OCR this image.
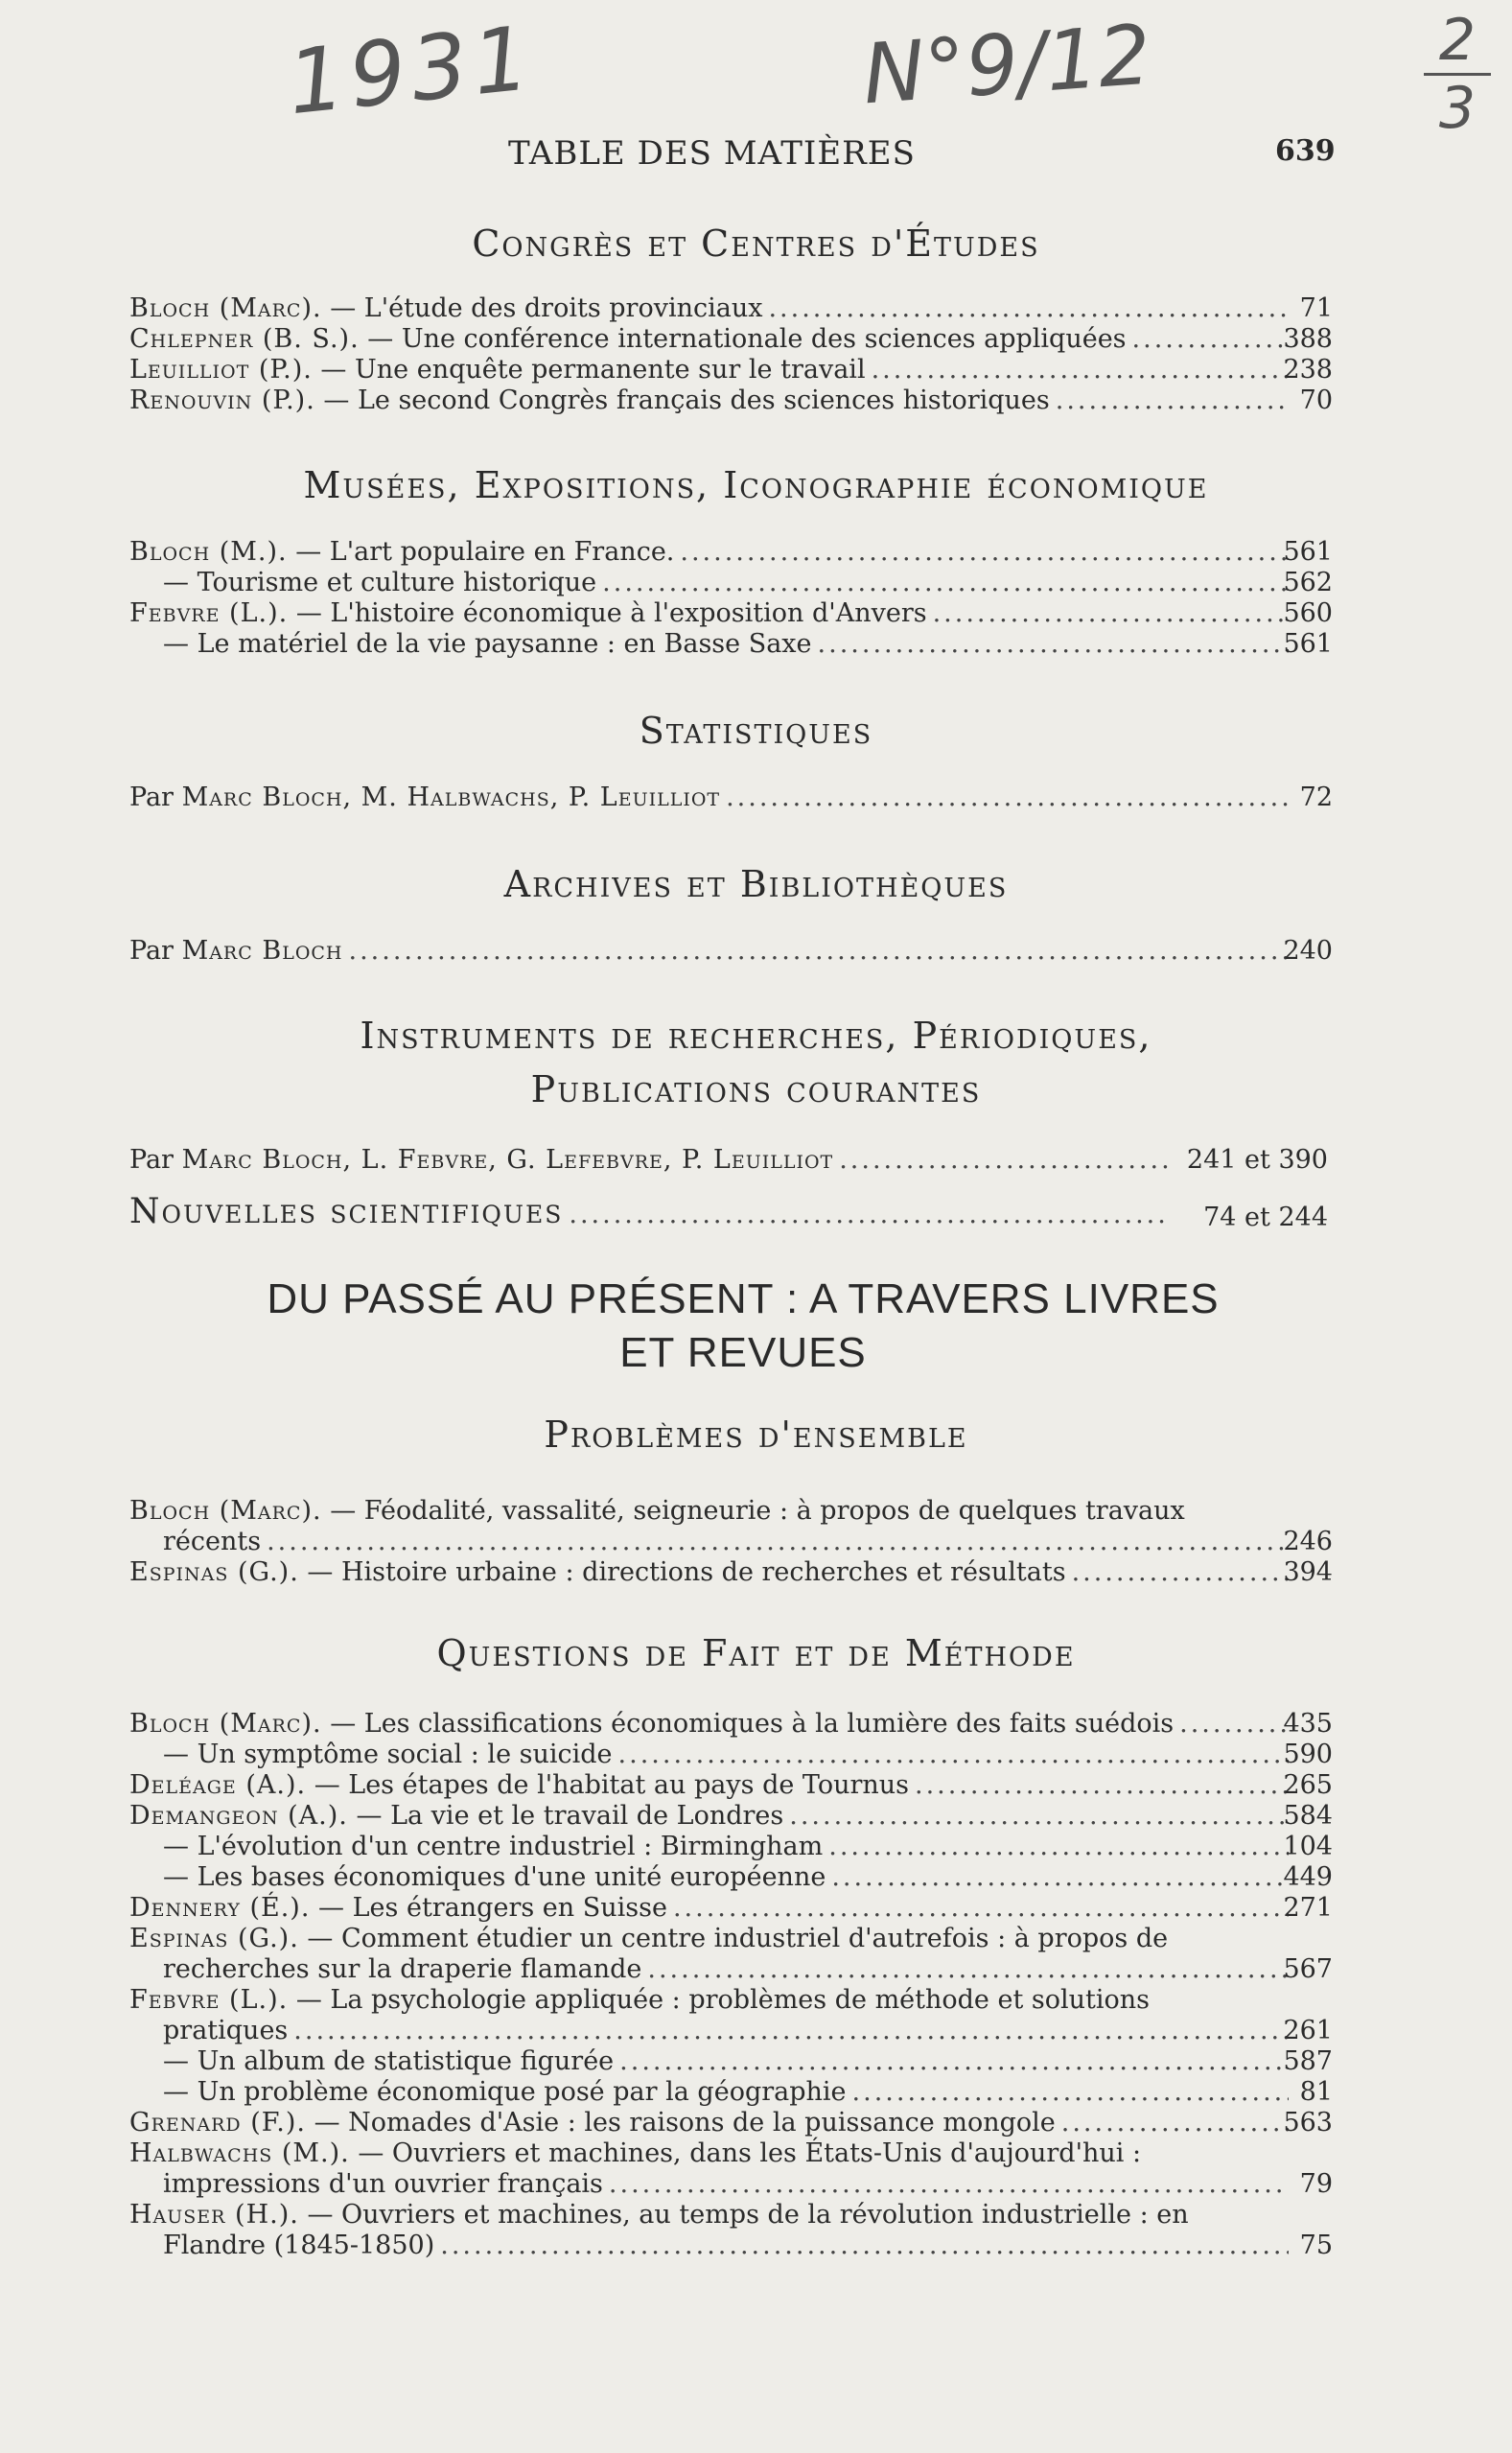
1931	N°9/12	2
3
TABLE DES MATIÈRES	639
Congrès et Centres d'Études
Bloch (Marc). — L'étude des droits provinciaux .....	71
Chlepner (B. S.). — Une conférence internationale des sciences appliquées .....	388
Leuilliot (P.). — Une enquête permanente sur le travail .....	238
Renouvin (P.). — Le second Congrès français des sciences historiques .....	70
Musées, Expositions, Iconographie économique
Bloch (M.). — L'art populaire en France. .....	561
— Tourisme et culture historique .....	562
Febvre (L.). — L'histoire économique à l'exposition d'Anvers .....	560
— Le matériel de la vie paysanne : en Basse Saxe .....	561
Statistiques
Par Marc Bloch, M. Halbwachs, P. Leuilliot .....	72
Archives et Bibliothèques
Par Marc Bloch .....	240
Instruments de recherches, Périodiques,
Publications courantes
Par Marc Bloch, L. Febvre, G. Lefebvre, P. Leuilliot .....	241 et 390
Nouvelles scientifiques .....	74 et 244
DU PASSÉ AU PRÉSENT : A TRAVERS LIVRES
ET REVUES
Problèmes d'ensemble
Bloch (Marc). — Féodalité, vassalité, seigneurie : à propos de quelques travaux
récents .....	246
Espinas (G.). — Histoire urbaine : directions de recherches et résultats .....	394
Questions de Fait et de Méthode
Bloch (Marc). — Les classifications économiques à la lumière des faits suédois .....	435
— Un symptôme social : le suicide .....	590
Deléage (A.). — Les étapes de l'habitat au pays de Tournus .....	265
Demangeon (A.). — La vie et le travail de Londres .....	584
— L'évolution d'un centre industriel : Birmingham .....	104
— Les bases économiques d'une unité européenne .....	449
Dennery (É.). — Les étrangers en Suisse .....	271
Espinas (G.). — Comment étudier un centre industriel d'autrefois : à propos de
recherches sur la draperie flamande .....	567
Febvre (L.). — La psychologie appliquée : problèmes de méthode et solutions
pratiques .....	261
— Un album de statistique figurée .....	587
— Un problème économique posé par la géographie .....	81
Grenard (F.). — Nomades d'Asie : les raisons de la puissance mongole .....	563
Halbwachs (M.). — Ouvriers et machines, dans les États-Unis d'aujourd'hui :
impressions d'un ouvrier français .....	79
Hauser (H.). — Ouvriers et machines, au temps de la révolution industrielle : en
Flandre (1845-1850) .....	75
